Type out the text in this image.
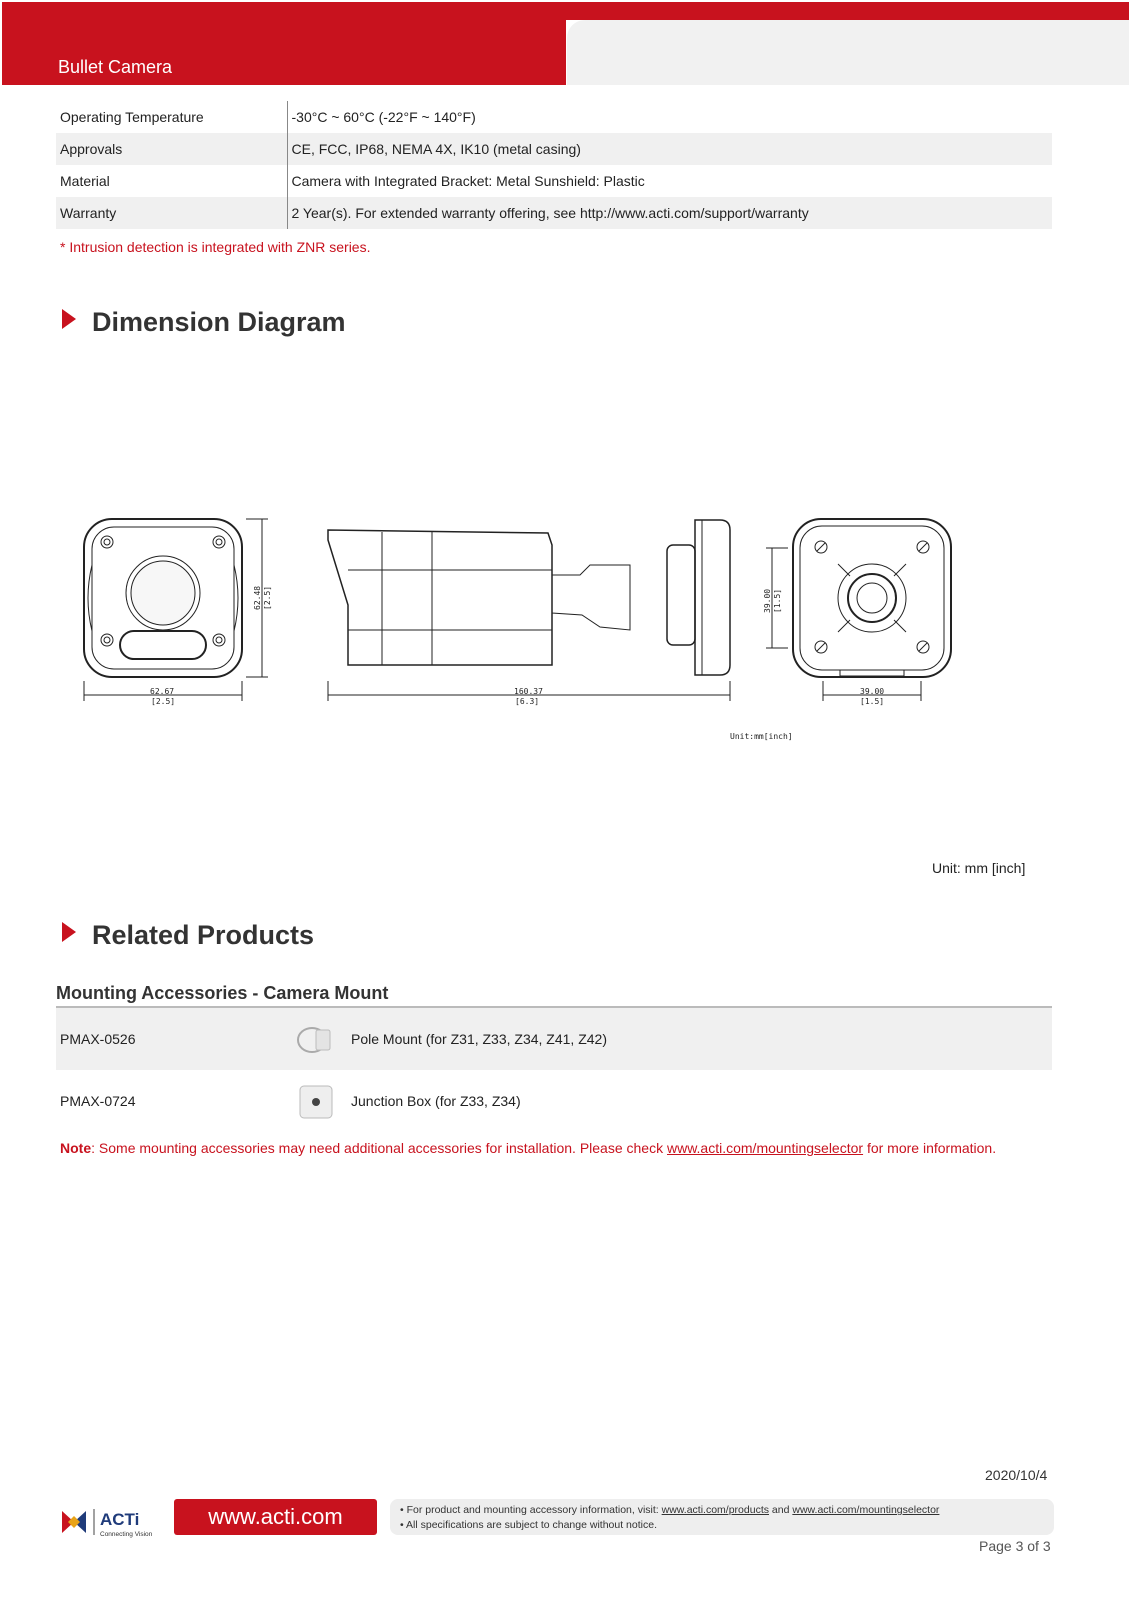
Bullet Camera
Operating Temperature	-30°C ~ 60°C (-22°F ~ 140°F)
Approvals	CE, FCC, IP68, NEMA 4X, IK10 (metal casing)
Material	Camera with Integrated Bracket: Metal Sunshield: Plastic
Warranty	2 Year(s). For extended warranty offering, see http://www.acti.com/support/warranty
* Intrusion detection is integrated with ZNR series.
Dimension Diagram
62.67
[2.5]
62.48 [2.5]
160.37
[6.3]
39.00 [1.5]
39.00
[1.5]
Unit:mm[inch]
Unit: mm [inch]
Related Products
Mounting Accessories - Camera Mount
PMAX-0526	Pole Mount (for Z31, Z33, Z34, Z41, Z42)
PMAX-0724	Junction Box (for Z33, Z34)
Note: Some mounting accessories may need additional accessories for installation. Please check www.acti.com/mountingselector for more information.
2020/10/4
ACTi
Connecting Vision
www.acti.com	• For product and mounting accessory information, visit: www.acti.com/products and www.acti.com/mountingselector
• All specifications are subject to change without notice.
Page 3 of 3
